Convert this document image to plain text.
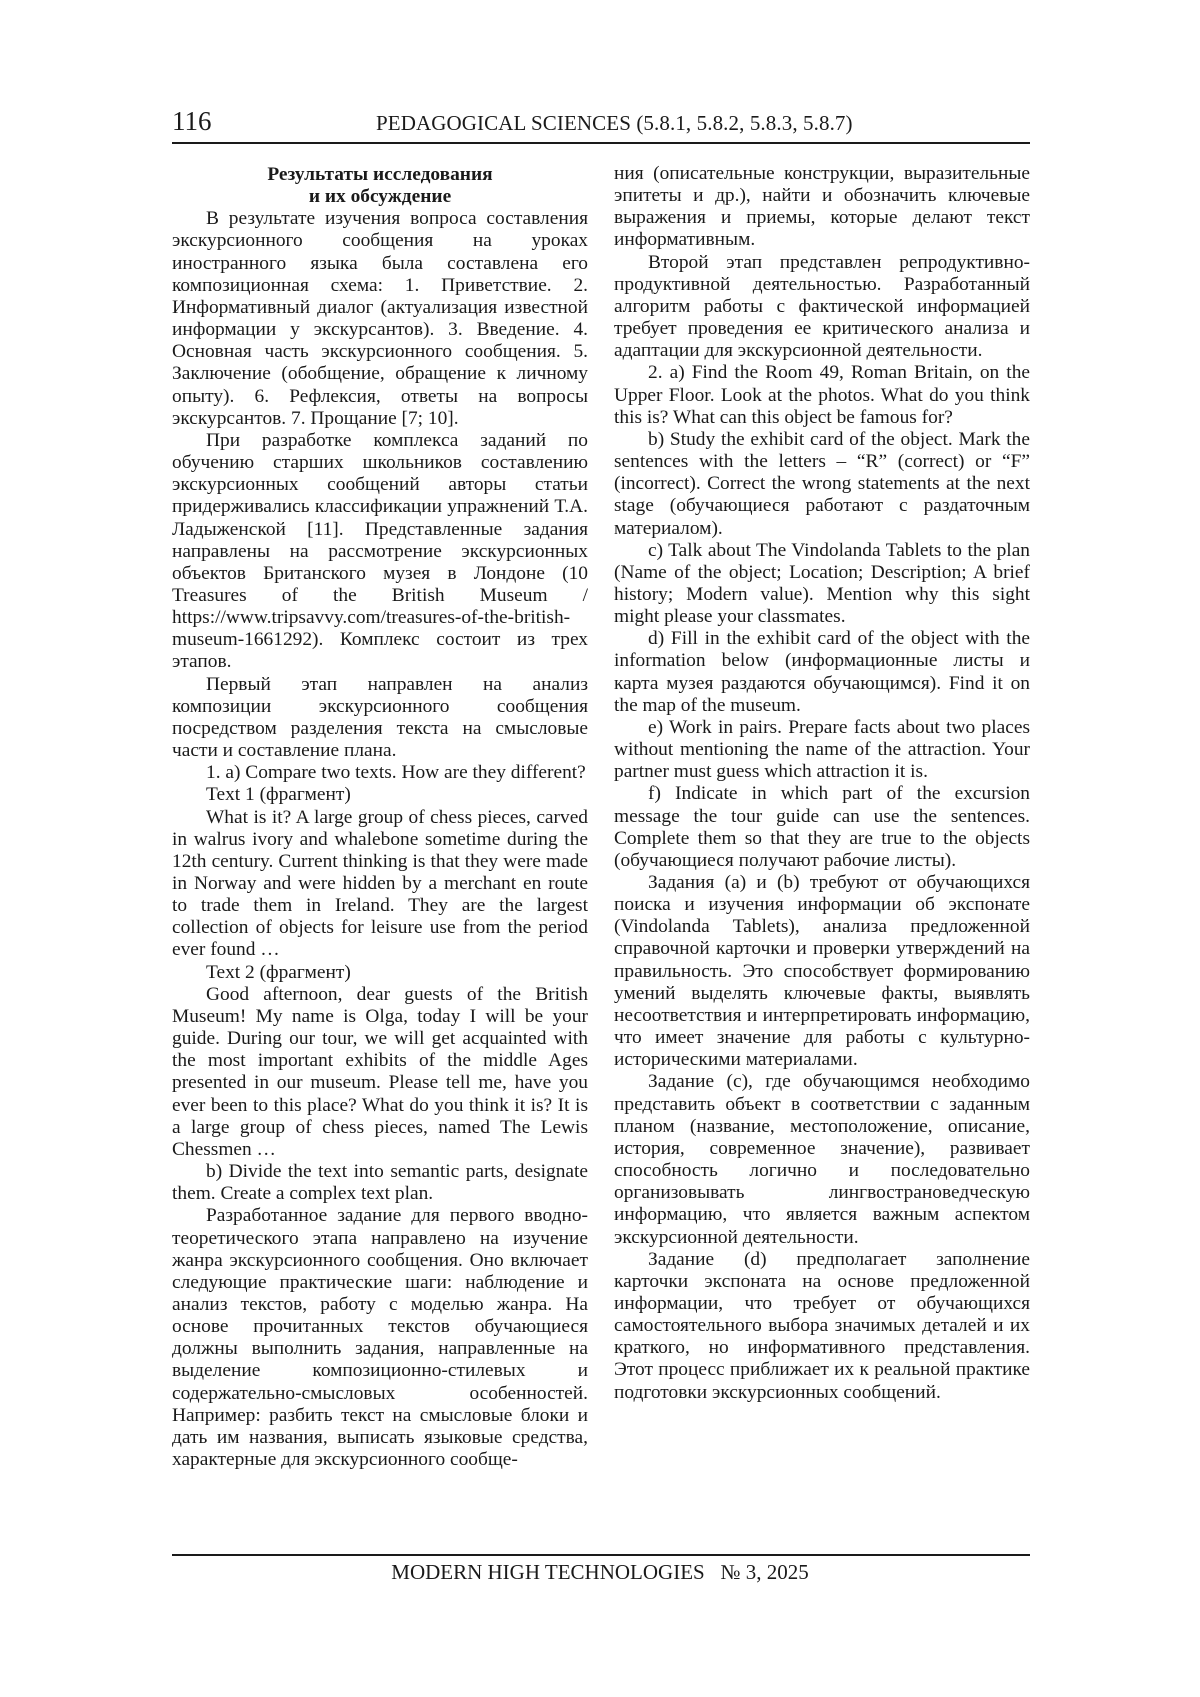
116	PEDAGOGICAL SCIENCES (5.8.1, 5.8.2, 5.8.3, 5.8.7)
Результаты исследования
и их обсуждение

В результате изучения вопроса составления экскурсионного сообщения на уроках иностранного языка была составлена его композиционная схема: 1. Приветствие. 2. Информативный диалог (актуализация известной информации у экскурсантов). 3. Введение. 4. Основная часть экскурсионного сообщения. 5. Заключение (обобщение, обращение к личному опыту). 6. Рефлексия, ответы на вопросы экскурсантов. 7. Прощание [7; 10].

При разработке комплекса заданий по обучению старших школьников составлению экскурсионных сообщений авторы статьи придерживались классификации упражнений Т.А. Ладыженской [11]. Представленные задания направлены на рассмотрение экскурсионных объектов Британского музея в Лондоне (10 Treasures of the British Museum / https://www.tripsavvy.com/treasures-of-the-british-museum-1661292). Комплекс состоит из трех этапов.

Первый этап направлен на анализ композиции экскурсионного сообщения посредством разделения текста на смысловые части и составление плана.

1. a) Compare two texts. How are they different?

Text 1 (фрагмент)

What is it? A large group of chess pieces, carved in walrus ivory and whalebone sometime during the 12th century. Current thinking is that they were made in Norway and were hidden by a merchant en route to trade them in Ireland. They are the largest collection of objects for leisure use from the period ever found …

Text 2 (фрагмент)

Good afternoon, dear guests of the British Museum! My name is Olga, today I will be your guide. During our tour, we will get acquainted with the most important exhibits of the middle Ages presented in our museum. Please tell me, have you ever been to this place? What do you think it is? It is a large group of chess pieces, named The Lewis Chessmen …

b) Divide the text into semantic parts, designate them. Create a complex text plan.

Разработанное задание для первого вводно-теоретического этапа направлено на изучение жанра экскурсионного сообщения. Оно включает следующие практические шаги: наблюдение и анализ текстов, работу с моделью жанра. На основе прочитанных текстов обучающиеся должны выполнить задания, направленные на выделение композиционно-стилевых и содержательно-смысловых особенностей. Например: разбить текст на смысловые блоки и дать им названия, выписать языковые средства, характерные для экскурсионного сообще-

ния (описательные конструкции, выразительные эпитеты и др.), найти и обозначить ключевые выражения и приемы, которые делают текст информативным.

Второй этап представлен репродуктивно-продуктивной деятельностью. Разработанный алгоритм работы с фактической информацией требует проведения ее критического анализа и адаптации для экскурсионной деятельности.

2. a) Find the Room 49, Roman Britain, on the Upper Floor. Look at the photos. What do you think this is? What can this object be famous for?

b) Study the exhibit card of the object. Mark the sentences with the letters – “R” (correct) or “F” (incorrect). Correct the wrong statements at the next stage (обучающиеся работают с раздаточным материалом).

c) Talk about The Vindolanda Tablets to the plan (Name of the object; Location; Description; A brief history; Modern value). Mention why this sight might please your classmates.

d) Fill in the exhibit card of the object with the information below (информационные листы и карта музея раздаются обучающимся). Find it on the map of the museum.

e) Work in pairs. Prepare facts about two places without mentioning the name of the attraction. Your partner must guess which attraction it is.

f) Indicate in which part of the excursion message the tour guide can use the sentences. Complete them so that they are true to the objects (обучающиеся получают рабочие листы).

Задания (a) и (b) требуют от обучающихся поиска и изучения информации об экспонате (Vindolanda Tablets), анализа предложенной справочной карточки и проверки утверждений на правильность. Это способствует формированию умений выделять ключевые факты, выявлять несоответствия и интерпретировать информацию, что имеет значение для работы с культурно-историческими материалами.

Задание (c), где обучающимся необходимо представить объект в соответствии с заданным планом (название, местоположение, описание, история, современное значение), развивает способность логично и последовательно организовывать лингвострановедческую информацию, что является важным аспектом экскурсионной деятельности.

Задание (d) предполагает заполнение карточки экспоната на основе предложенной информации, что требует от обучающихся самостоятельного выбора значимых деталей и их краткого, но информативного представления. Этот процесс приближает их к реальной практике подготовки экскурсионных сообщений.

MODERN HIGH TECHNOLOGIES   № 3, 2025
